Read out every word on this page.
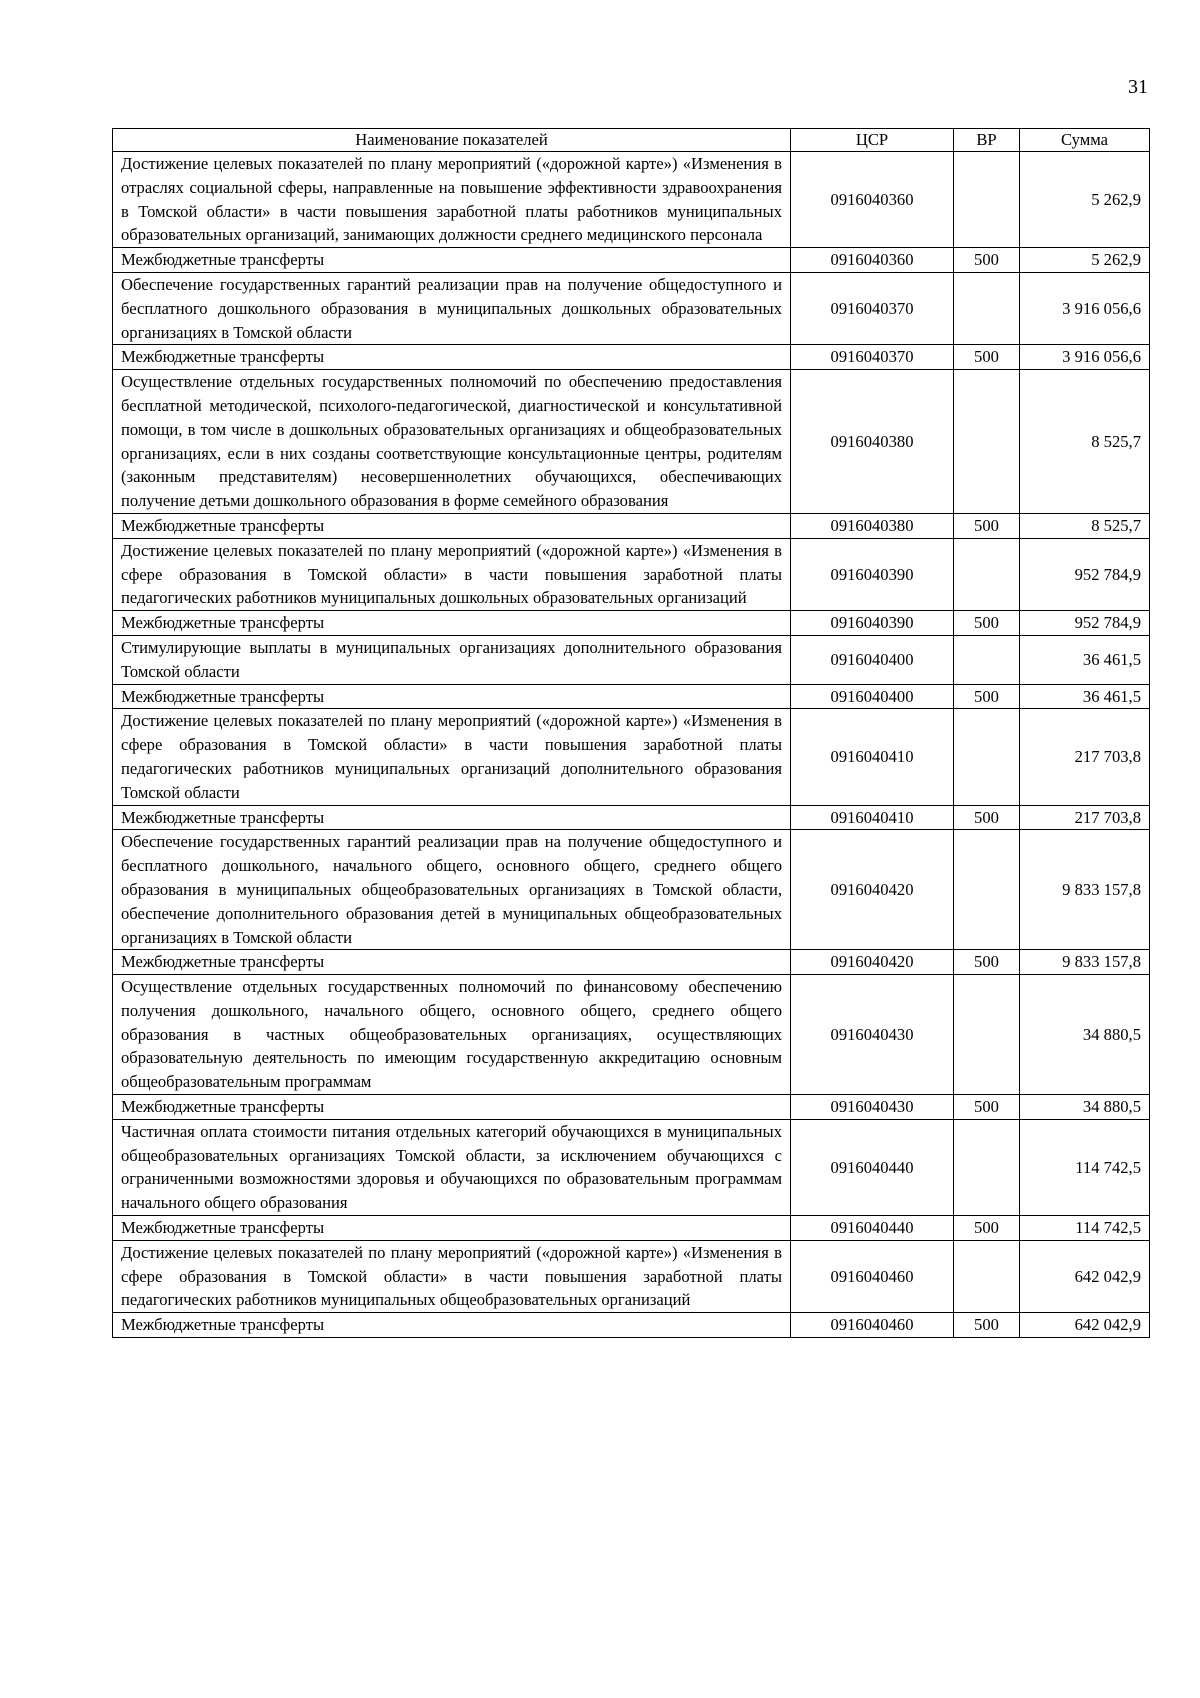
31
Наименование показателей	ЦСР	ВР	Сумма
Достижение целевых показателей по плану мероприятий («дорожной карте») «Изменения в отраслях социальной сферы, направленные на повышение эффективности здравоохранения в Томской области» в части повышения заработной платы работников муниципальных образовательных организаций, занимающих должности среднего медицинского персонала	0916040360		5 262,9
Межбюджетные трансферты	0916040360	500	5 262,9
Обеспечение государственных гарантий реализации прав на получение общедоступного и бесплатного дошкольного образования в муниципальных дошкольных образовательных организациях в Томской области	0916040370		3 916 056,6
Межбюджетные трансферты	0916040370	500	3 916 056,6
Осуществление отдельных государственных полномочий по обеспечению предоставления бесплатной методической, психолого-педагогической, диагностической и консультативной помощи, в том числе в дошкольных образовательных организациях и общеобразовательных организациях, если в них созданы соответствующие консультационные центры, родителям (законным представителям) несовершеннолетних обучающихся, обеспечивающих получение детьми дошкольного образования в форме семейного образования	0916040380		8 525,7
Межбюджетные трансферты	0916040380	500	8 525,7
Достижение целевых показателей по плану мероприятий («дорожной карте») «Изменения в сфере образования в Томской области» в части повышения заработной платы педагогических работников муниципальных дошкольных образовательных организаций	0916040390		952 784,9
Межбюджетные трансферты	0916040390	500	952 784,9
Стимулирующие выплаты в муниципальных организациях дополнительного образования Томской области	0916040400		36 461,5
Межбюджетные трансферты	0916040400	500	36 461,5
Достижение целевых показателей по плану мероприятий («дорожной карте») «Изменения в сфере образования в Томской области» в части повышения заработной платы педагогических работников муниципальных организаций дополнительного образования Томской области	0916040410		217 703,8
Межбюджетные трансферты	0916040410	500	217 703,8
Обеспечение государственных гарантий реализации прав на получение общедоступного и бесплатного дошкольного, начального общего, основного общего, среднего общего образования в муниципальных общеобразовательных организациях в Томской области, обеспечение дополнительного образования детей в муниципальных общеобразовательных организациях в Томской области	0916040420		9 833 157,8
Межбюджетные трансферты	0916040420	500	9 833 157,8
Осуществление отдельных государственных полномочий по финансовому обеспечению получения дошкольного, начального общего, основного общего, среднего общего образования в частных общеобразовательных организациях, осуществляющих образовательную деятельность по имеющим государственную аккредитацию основным общеобразовательным программам	0916040430		34 880,5
Межбюджетные трансферты	0916040430	500	34 880,5
Частичная оплата стоимости питания отдельных категорий обучающихся в муниципальных общеобразовательных организациях Томской области, за исключением обучающихся с ограниченными возможностями здоровья и обучающихся по образовательным программам начального общего образования	0916040440		114 742,5
Межбюджетные трансферты	0916040440	500	114 742,5
Достижение целевых показателей по плану мероприятий («дорожной карте») «Изменения в сфере образования в Томской области» в части повышения заработной платы педагогических работников муниципальных общеобразовательных организаций	0916040460		642 042,9
Межбюджетные трансферты	0916040460	500	642 042,9
